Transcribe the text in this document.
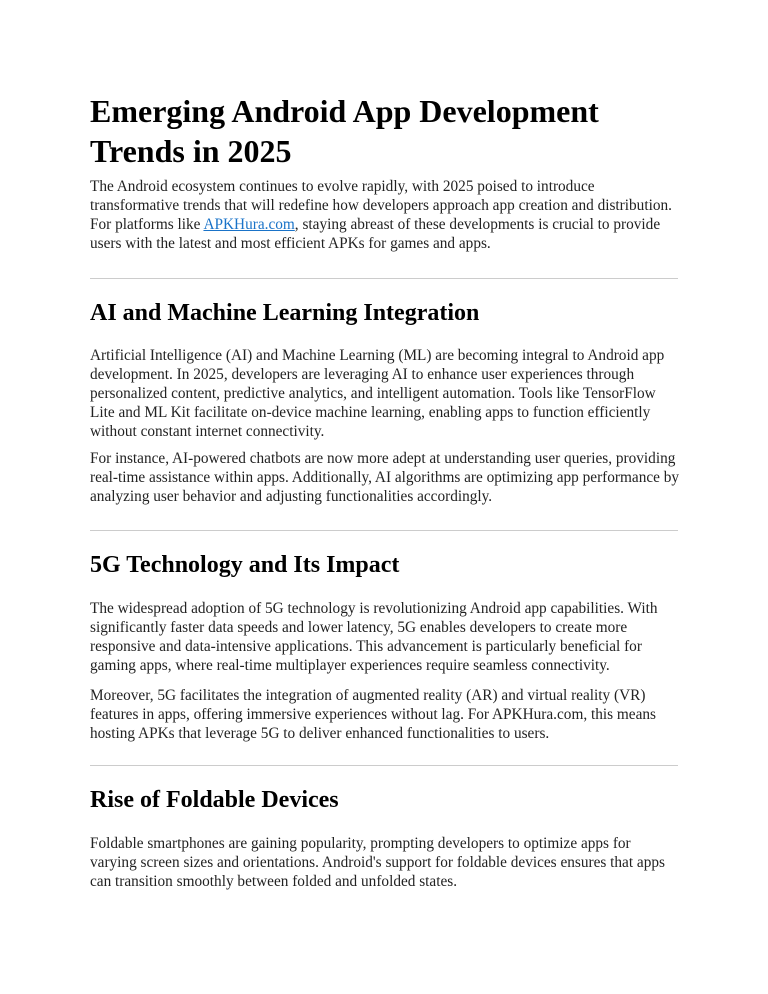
Emerging Android App Development Trends in 2025

The Android ecosystem continues to evolve rapidly, with 2025 poised to introduce transformative trends that will redefine how developers approach app creation and distribution. For platforms like APKHura.com, staying abreast of these developments is crucial to provide users with the latest and most efficient APKs for games and apps.

AI and Machine Learning Integration

Artificial Intelligence (AI) and Machine Learning (ML) are becoming integral to Android app development. In 2025, developers are leveraging AI to enhance user experiences through personalized content, predictive analytics, and intelligent automation. Tools like TensorFlow Lite and ML Kit facilitate on-device machine learning, enabling apps to function efficiently without constant internet connectivity.

For instance, AI-powered chatbots are now more adept at understanding user queries, providing real-time assistance within apps. Additionally, AI algorithms are optimizing app performance by analyzing user behavior and adjusting functionalities accordingly.

5G Technology and Its Impact

The widespread adoption of 5G technology is revolutionizing Android app capabilities. With significantly faster data speeds and lower latency, 5G enables developers to create more responsive and data-intensive applications. This advancement is particularly beneficial for gaming apps, where real-time multiplayer experiences require seamless connectivity.

Moreover, 5G facilitates the integration of augmented reality (AR) and virtual reality (VR) features in apps, offering immersive experiences without lag. For APKHura.com, this means hosting APKs that leverage 5G to deliver enhanced functionalities to users.

Rise of Foldable Devices

Foldable smartphones are gaining popularity, prompting developers to optimize apps for varying screen sizes and orientations. Android's support for foldable devices ensures that apps can transition smoothly between folded and unfolded states.
